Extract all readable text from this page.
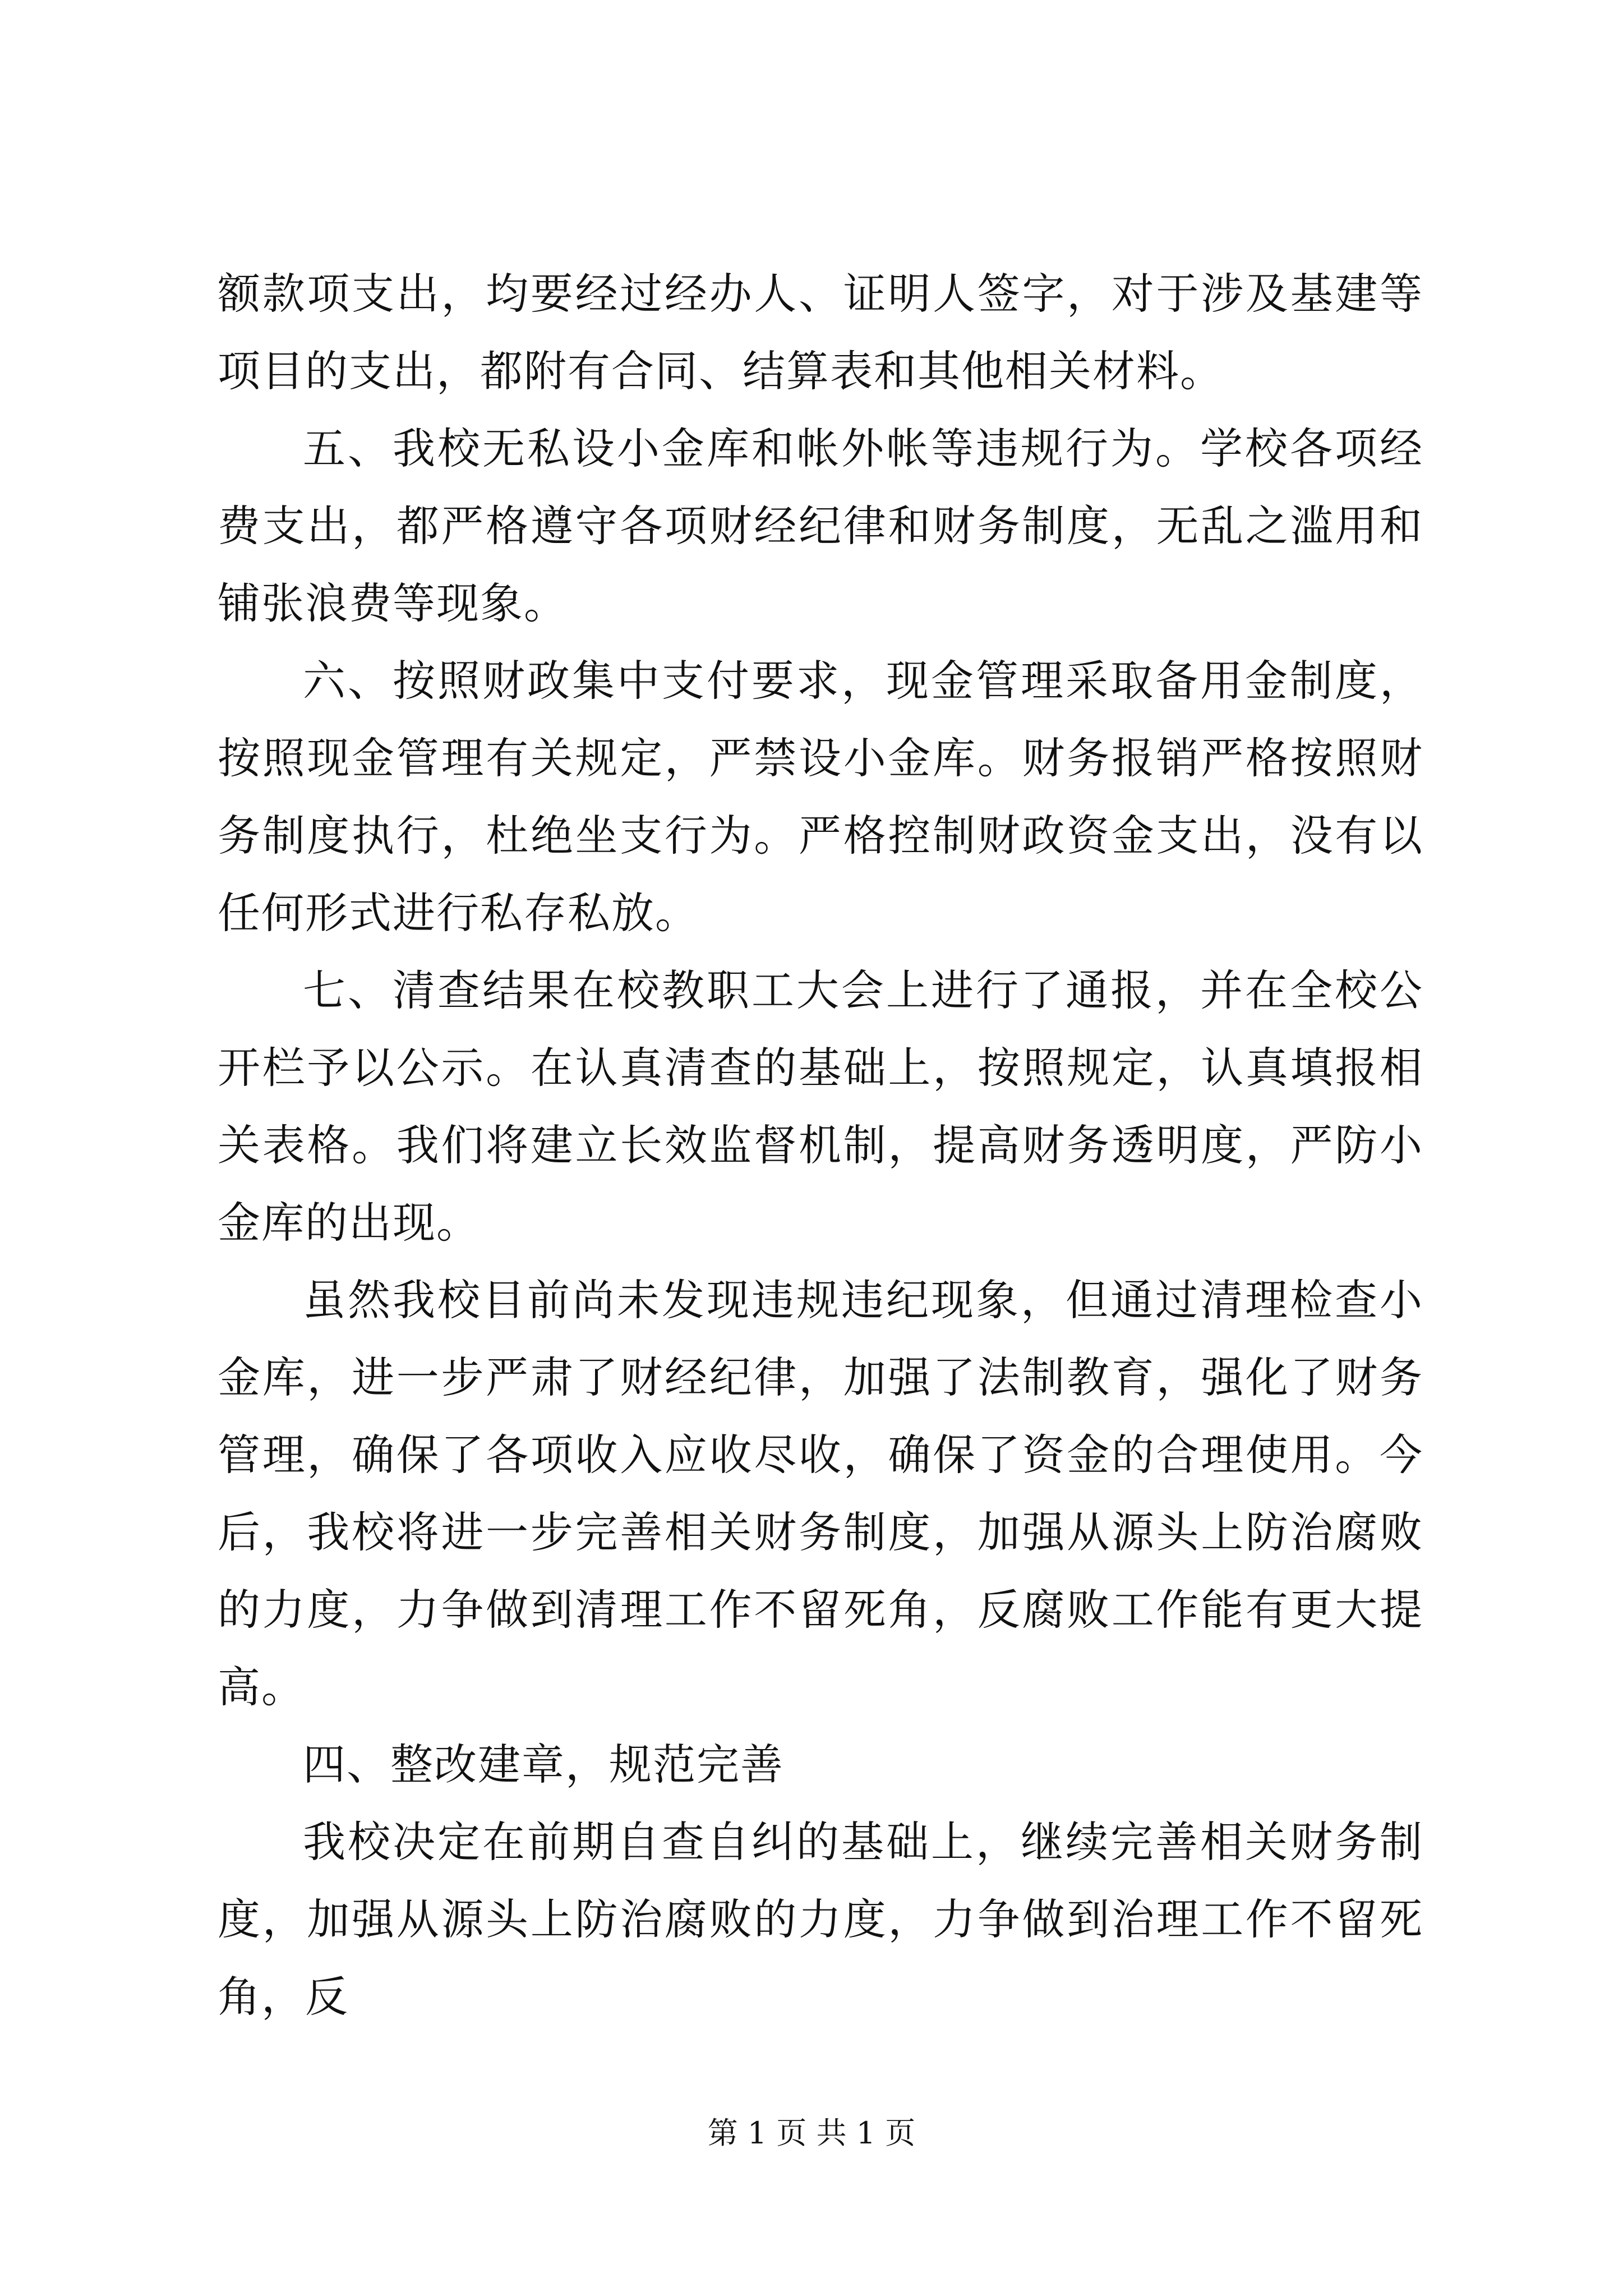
额款项支出，均要经过经办人、证明人签字，对于涉及基建等项目的支出，都附有合同、结算表和其他相关材料。

五、我校无私设小金库和帐外帐等违规行为。学校各项经费支出，都严格遵守各项财经纪律和财务制度，无乱之滥用和铺张浪费等现象。

六、按照财政集中支付要求，现金管理采取备用金制度，按照现金管理有关规定，严禁设小金库。财务报销严格按照财务制度执行，杜绝坐支行为。严格控制财政资金支出，没有以任何形式进行私存私放。

七、清查结果在校教职工大会上进行了通报，并在全校公开栏予以公示。在认真清查的基础上，按照规定，认真填报相关表格。我们将建立长效监督机制，提高财务透明度，严防小金库的出现。

虽然我校目前尚未发现违规违纪现象，但通过清理检查小金库，进一步严肃了财经纪律，加强了法制教育，强化了财务管理，确保了各项收入应收尽收，确保了资金的合理使用。今后，我校将进一步完善相关财务制度，加强从源头上防治腐败的力度，力争做到清理工作不留死角，反腐败工作能有更大提高。

四、整改建章，规范完善

我校决定在前期自查自纠的基础上，继续完善相关财务制度，加强从源头上防治腐败的力度，力争做到治理工作不留死角，反

第 1 页 共 1 页
